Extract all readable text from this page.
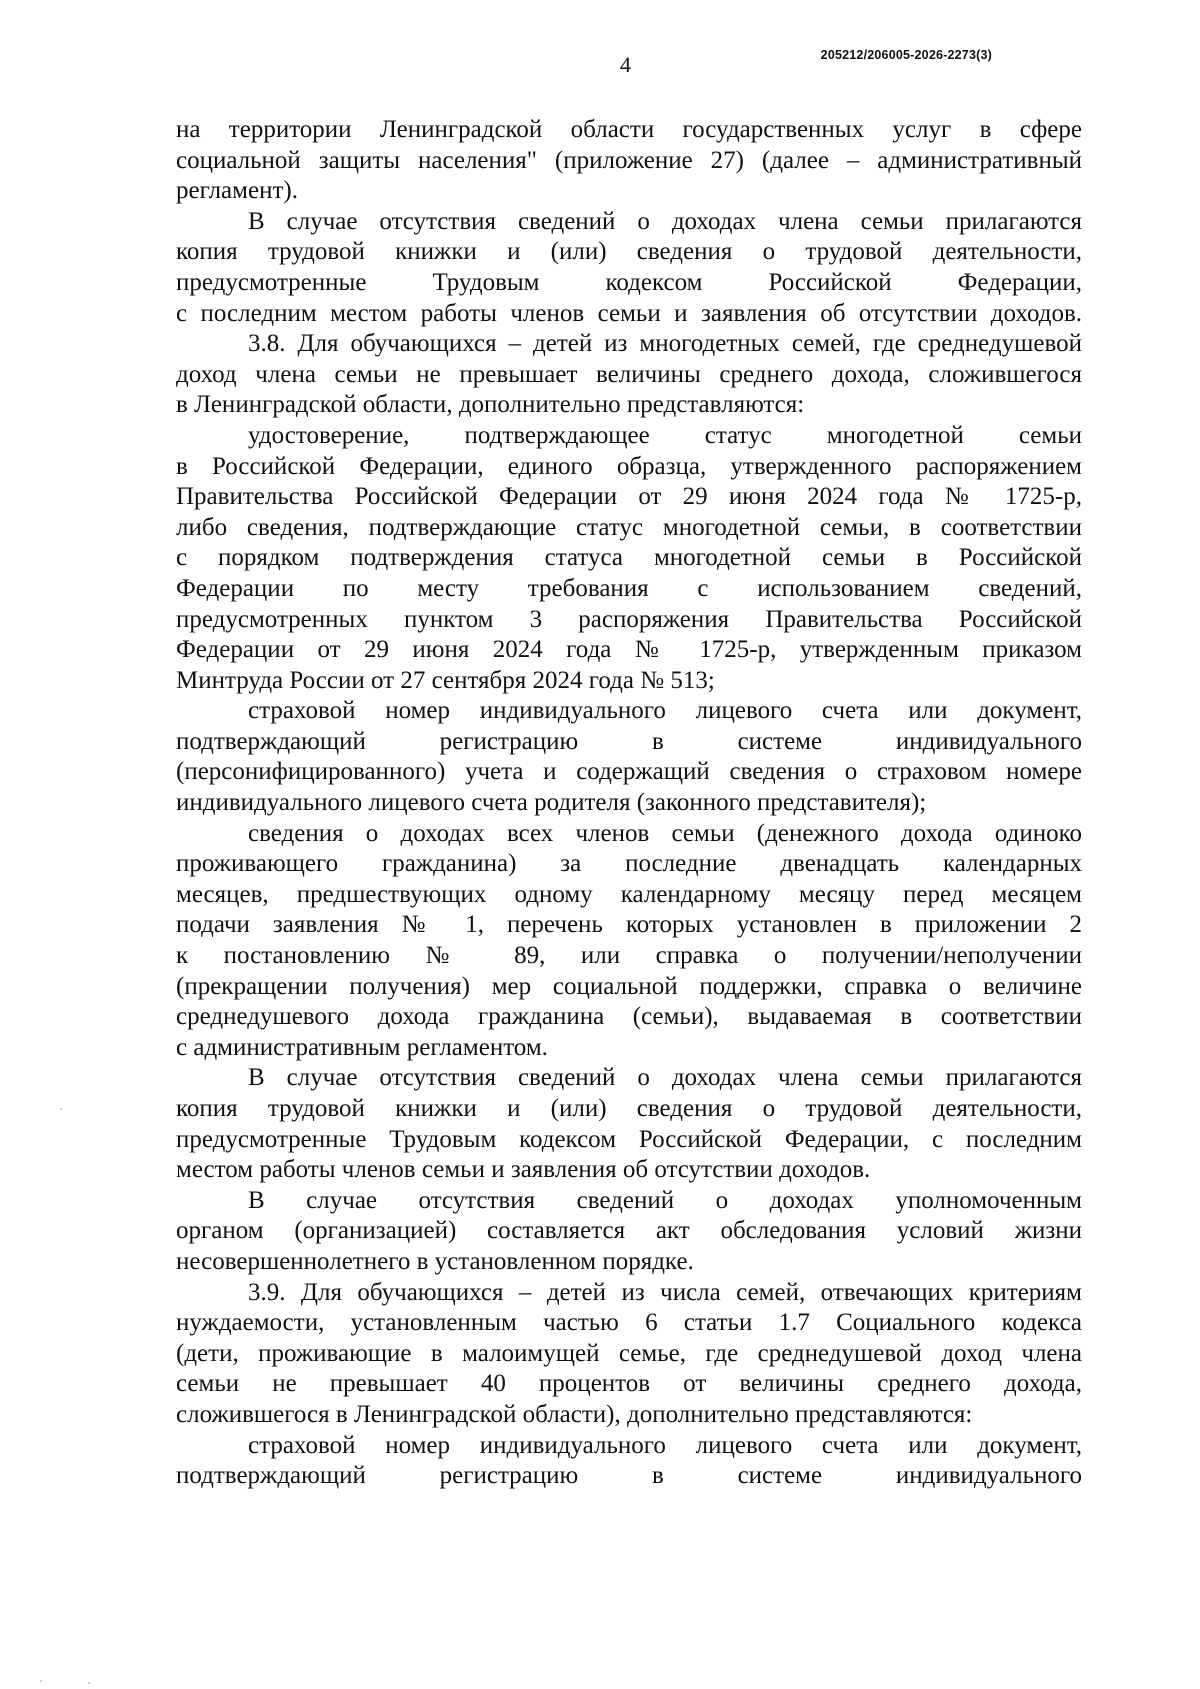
4	205212/206005-2026-2273(3)
на территории Ленинградской области государственных услуг в сфере
социальной защиты населения" (приложение 27) (далее – административный
регламент).
В случае отсутствия сведений о доходах члена семьи прилагаются
копия трудовой книжки и (или) сведения о трудовой деятельности,
предусмотренные Трудовым кодексом Российской Федерации,
с последним местом работы членов семьи и заявления об отсутствии доходов.
3.8. Для обучающихся – детей из многодетных семей, где среднедушевой
доход члена семьи не превышает величины среднего дохода, сложившегося
в Ленинградской области, дополнительно представляются:
удостоверение, подтверждающее статус многодетной семьи
в Российской Федерации, единого образца, утвержденного распоряжением
Правительства Российской Федерации от 29 июня 2024 года № 1725-р,
либо сведения, подтверждающие статус многодетной семьи, в соответствии
с порядком подтверждения статуса многодетной семьи в Российской
Федерации по месту требования с использованием сведений,
предусмотренных пунктом 3 распоряжения Правительства Российской
Федерации от 29 июня 2024 года № 1725-р, утвержденным приказом
Минтруда России от 27 сентября 2024 года № 513;
страховой номер индивидуального лицевого счета или документ,
подтверждающий регистрацию в системе индивидуального
(персонифицированного) учета и содержащий сведения о страховом номере
индивидуального лицевого счета родителя (законного представителя);
сведения о доходах всех членов семьи (денежного дохода одиноко
проживающего гражданина) за последние двенадцать календарных
месяцев, предшествующих одному календарному месяцу перед месяцем
подачи заявления № 1, перечень которых установлен в приложении 2
к постановлению № 89, или справка о получении/неполучении
(прекращении получения) мер социальной поддержки, справка о величине
среднедушевого дохода гражданина (семьи), выдаваемая в соответствии
с административным регламентом.
В случае отсутствия сведений о доходах члена семьи прилагаются
копия трудовой книжки и (или) сведения о трудовой деятельности,
предусмотренные Трудовым кодексом Российской Федерации, с последним
местом работы членов семьи и заявления об отсутствии доходов.
В случае отсутствия сведений о доходах уполномоченным
органом (организацией) составляется акт обследования условий жизни
несовершеннолетнего в установленном порядке.
3.9. Для обучающихся – детей из числа семей, отвечающих критериям
нуждаемости, установленным частью 6 статьи 1.7 Социального кодекса
(дети, проживающие в малоимущей семье, где среднедушевой доход члена
семьи не превышает 40 процентов от величины среднего дохода,
сложившегося в Ленинградской области), дополнительно представляются:
страховой номер индивидуального лицевого счета или документ,
подтверждающий регистрацию в системе индивидуального
